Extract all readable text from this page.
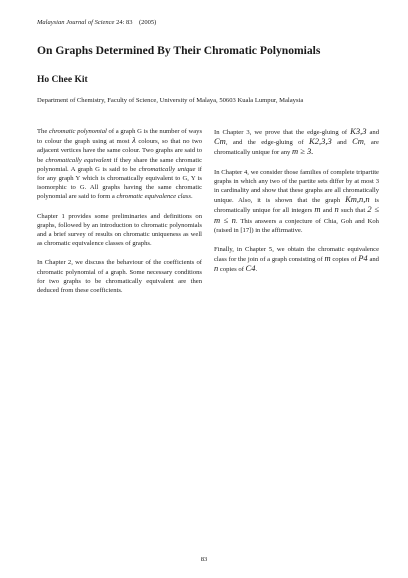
Malaysian Journal of Science 24: 83 (2005)
On Graphs Determined By Their Chromatic Polynomials
Ho Chee Kit
Department of Chemistry, Faculty of Science, University of Malaya, 50603 Kuala Lumpur, Malaysia

The chromatic polynomial of a graph G is the number of ways to colour the graph using at most λ colours, so that no two adjacent vertices have the same colour. Two graphs are said to be chromatically equivalent if they share the same chromatic polynomial. A graph G is said to be chromatically unique if for any graph Y which is chromatically equivalent to G, Y is isomorphic to G. All graphs having the same chromatic polynomial are said to form a chromatic equivalence class.

Chapter 1 provides some preliminaries and definitions on graphs, followed by an introduction to chromatic polynomials and a brief survey of results on chromatic uniqueness as well as chromatic equivalence classes of graphs.

In Chapter 2, we discuss the behaviour of the coefficients of chromatic polynomial of a graph. Some necessary conditions for two graphs to be chromatically equivalent are then deduced from these coefficients.

In Chapter 3, we prove that the edge-gluing of K3,3 and Cm, and the edge-gluing of K2,3,3 and Cm, are chromatically unique for any m ≥ 3.

In Chapter 4, we consider those families of complete tripartite graphs in which any two of the partite sets differ by at most 3 in cardinality and show that these graphs are all chromatically unique. Also, it is shown that the graph Km,n,n is chromatically unique for all integers m and n such that 2 ≤ m ≤ n. This answers a conjecture of Chia, Goh and Koh (raised in [17]) in the affirmative.

Finally, in Chapter 5, we obtain the chromatic equivalence class for the join of a graph consisting of m copies of P4 and n copies of C4.

83
